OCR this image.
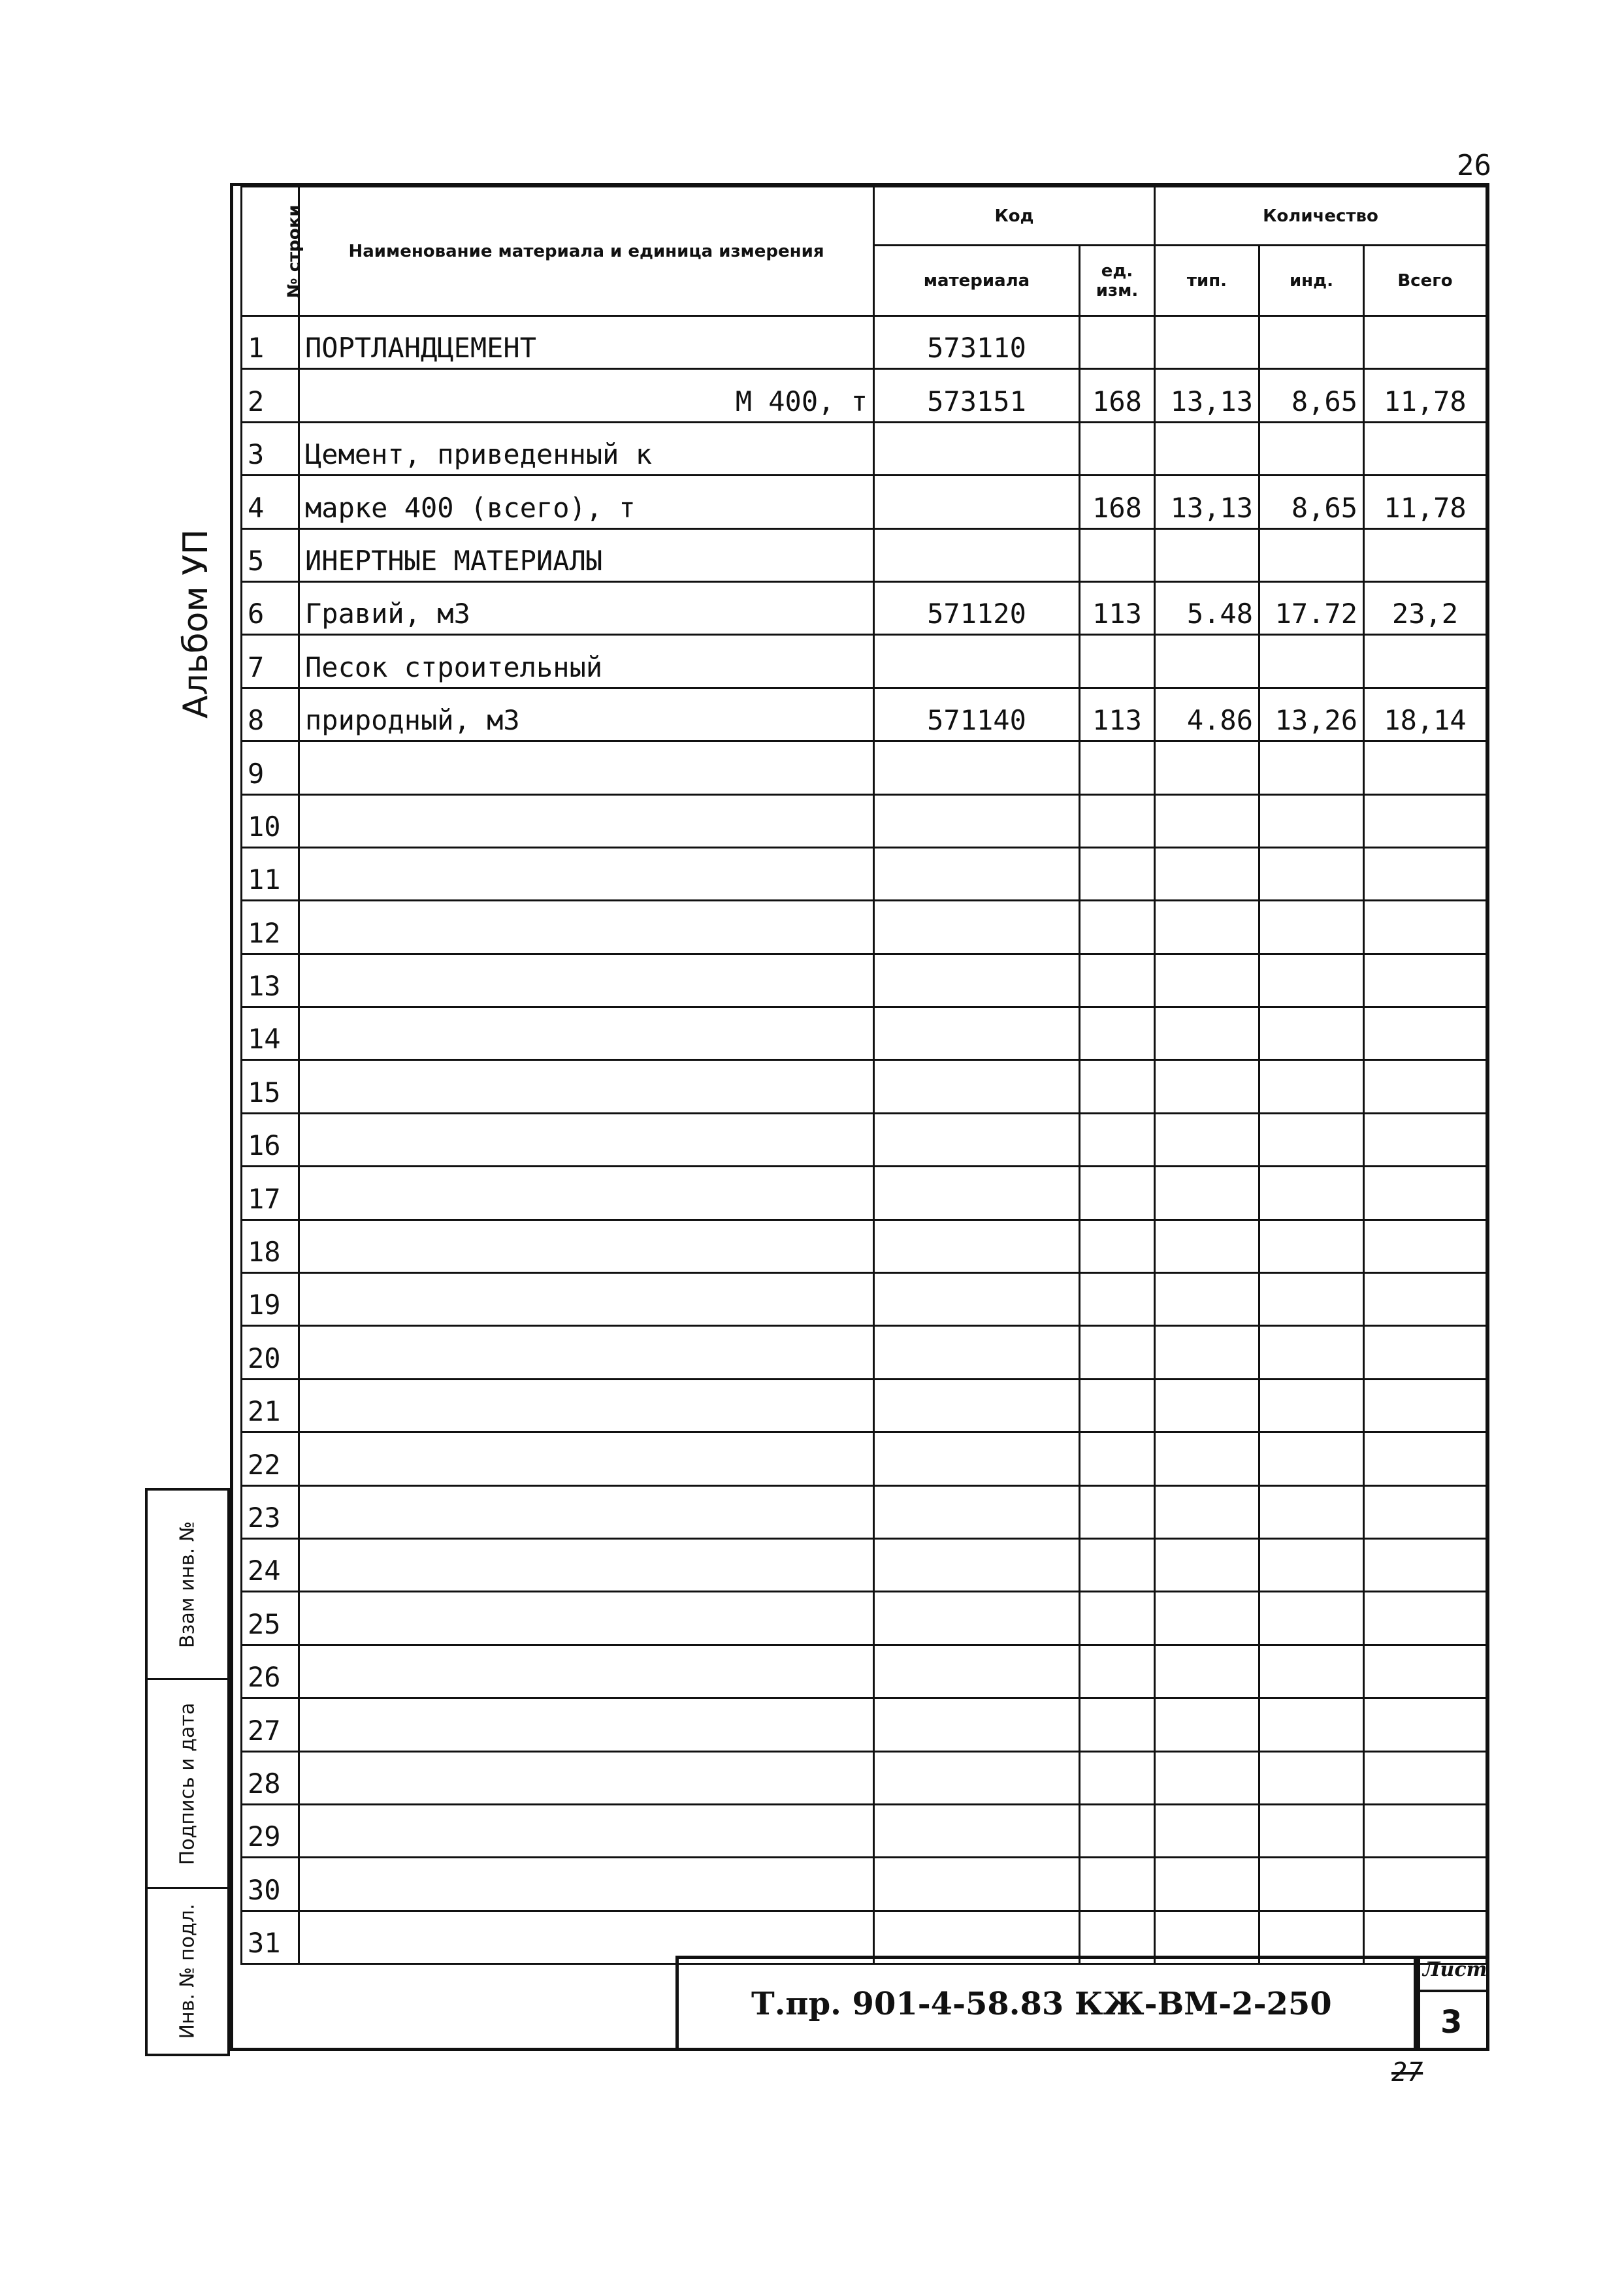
26
Альбом УП
Взам инв. №
Подпись и дата
Инв. № подл.
№ строки	Наименование материала и единица измерения	Код		Количество		
		материала	ед. изм.	тип.	инд.	Всего
1	ПОРТЛАНДЦЕМЕНТ	573110				
2	М 400, т	573151	168	13,13	8,65	11,78
3	Цемент, приведенный к					
4	марке 400 (всего), т		168	13,13	8,65	11,78
5	ИНЕРТНЫЕ МАТЕРИАЛЫ					
6	Гравий, м3	571120	113	5.48	17.72	23,2
7	Песок строительный					
8	природный, м3	571140	113	4.86	13,26	18,14
9						
10						
11						
12						
13						
14						
15						
16						
17						
18						
19						
20						
21						
22						
23						
24						
25						
26						
27						
28						
29						
30						
31						
Т.пр. 901-4-58.83 КЖ-ВМ-2-250
Лист
3
27
